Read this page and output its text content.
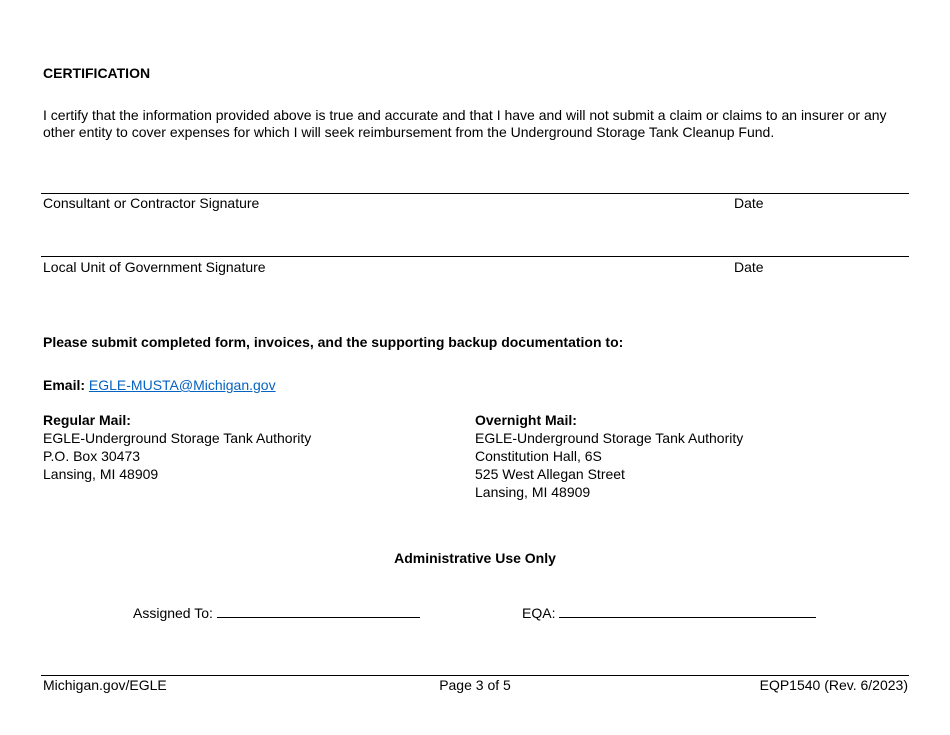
CERTIFICATION
I certify that the information provided above is true and accurate and that I have and will not submit a claim or claims to an insurer or any other entity to cover expenses for which I will seek reimbursement from the Underground Storage Tank Cleanup Fund.
Consultant or Contractor Signature	Date
Local Unit of Government Signature	Date
Please submit completed form, invoices, and the supporting backup documentation to:
Email: EGLE-MUSTA@Michigan.gov
Regular Mail:
EGLE-Underground Storage Tank Authority
P.O. Box 30473
Lansing, MI 48909
Overnight Mail:
EGLE-Underground Storage Tank Authority
Constitution Hall, 6S
525 West Allegan Street
Lansing, MI 48909
Administrative Use Only
Assigned To:	EQA:
Michigan.gov/EGLE	Page 3 of 5	EQP1540 (Rev. 6/2023)
